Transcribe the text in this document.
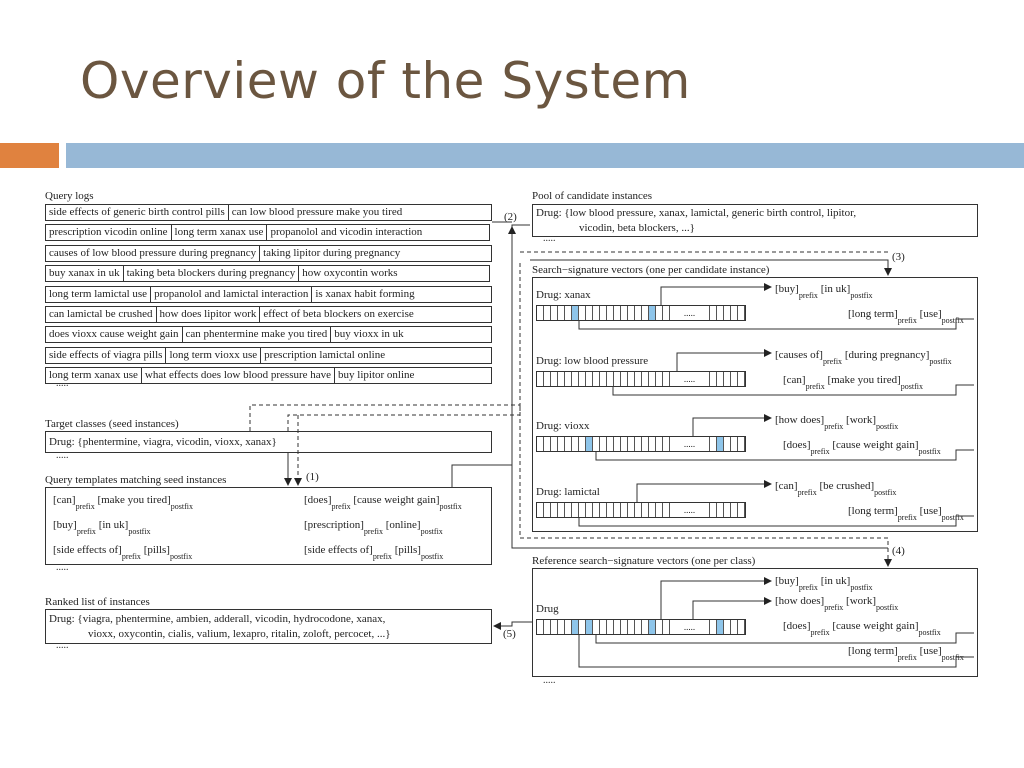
Overview of the System
Query logs
side effects of generic birth control pills can low blood pressure make you tired
prescription vicodin online long term xanax use propanolol and vicodin interaction
causes of low blood pressure during pregnancy taking lipitor during pregnancy
buy xanax in uk taking beta blockers during pregnancy how oxycontin works
long term lamictal use propanolol and lamictal interaction is xanax habit forming
can lamictal be crushed how does lipitor work effect of beta blockers on exercise
does vioxx cause weight gain can phentermine make you tired buy vioxx in uk
side effects of viagra pills long term vioxx use prescription lamictal online
long term xanax use what effects does low blood pressure have buy lipitor online
.....
Target classes (seed instances)
Drug: {phentermine, viagra, vicodin, vioxx, xanax}
.....
Query templates matching seed instances
$[can]_{prefix}$ [make you $tired]_{postfix}$
$[buy]_{prefix}$ [in $uk]_{postfix}$
[side effects $of]_{prefix}$ $[pills]_{postfix}$
$[does]_{prefix}$ [cause weight $gain]_{postfix}$
$[prescription]_{prefix}$ $[online]_{postfix}$
[side effects $of]_{prefix}$ $[pills]_{postfix}$
.....
Ranked list of instances
Drug: {viagra, phentermine, ambien, adderall, vicodin, hydrocodone, xanax,
vioxx, oxycontin, cialis, valium, lexapro, ritalin, zoloft, percocet, ...}
.....
Pool of candidate instances
Drug: {low blood pressure, xanax, lamictal, generic birth control, lipitor,
vicodin, beta blockers, ...}
.....
Search−signature vectors (one per candidate instance)
Drug: xanax
.....
$[buy]_{prefix}$ [in $uk]_{postfix}$
[long $term]_{prefix}$ $[use]_{postfix}$
Drug: low blood pressure
.....
[causes $of]_{prefix}$ [during $pregnancy]_{postfix}$
$[can]_{prefix}$ [make you $tired]_{postfix}$
Drug: vioxx
.....
[how $does]_{prefix}$ $[work]_{postfix}$
$[does]_{prefix}$ [cause weight $gain]_{postfix}$
Drug: lamictal
.....
$[can]_{prefix}$ [be $crushed]_{postfix}$
[long $term]_{prefix}$ $[use]_{postfix}$
Reference search−signature vectors (one per class)
Drug
.....
$[buy]_{prefix}$ [in $uk]_{postfix}$
[how $does]_{prefix}$ $[work]_{postfix}$
$[does]_{prefix}$ [cause weight $gain]_{postfix}$
[long $term]_{prefix}$ $[use]_{postfix}$
.....
(1)
(2)
(3)
(4)
(5)
